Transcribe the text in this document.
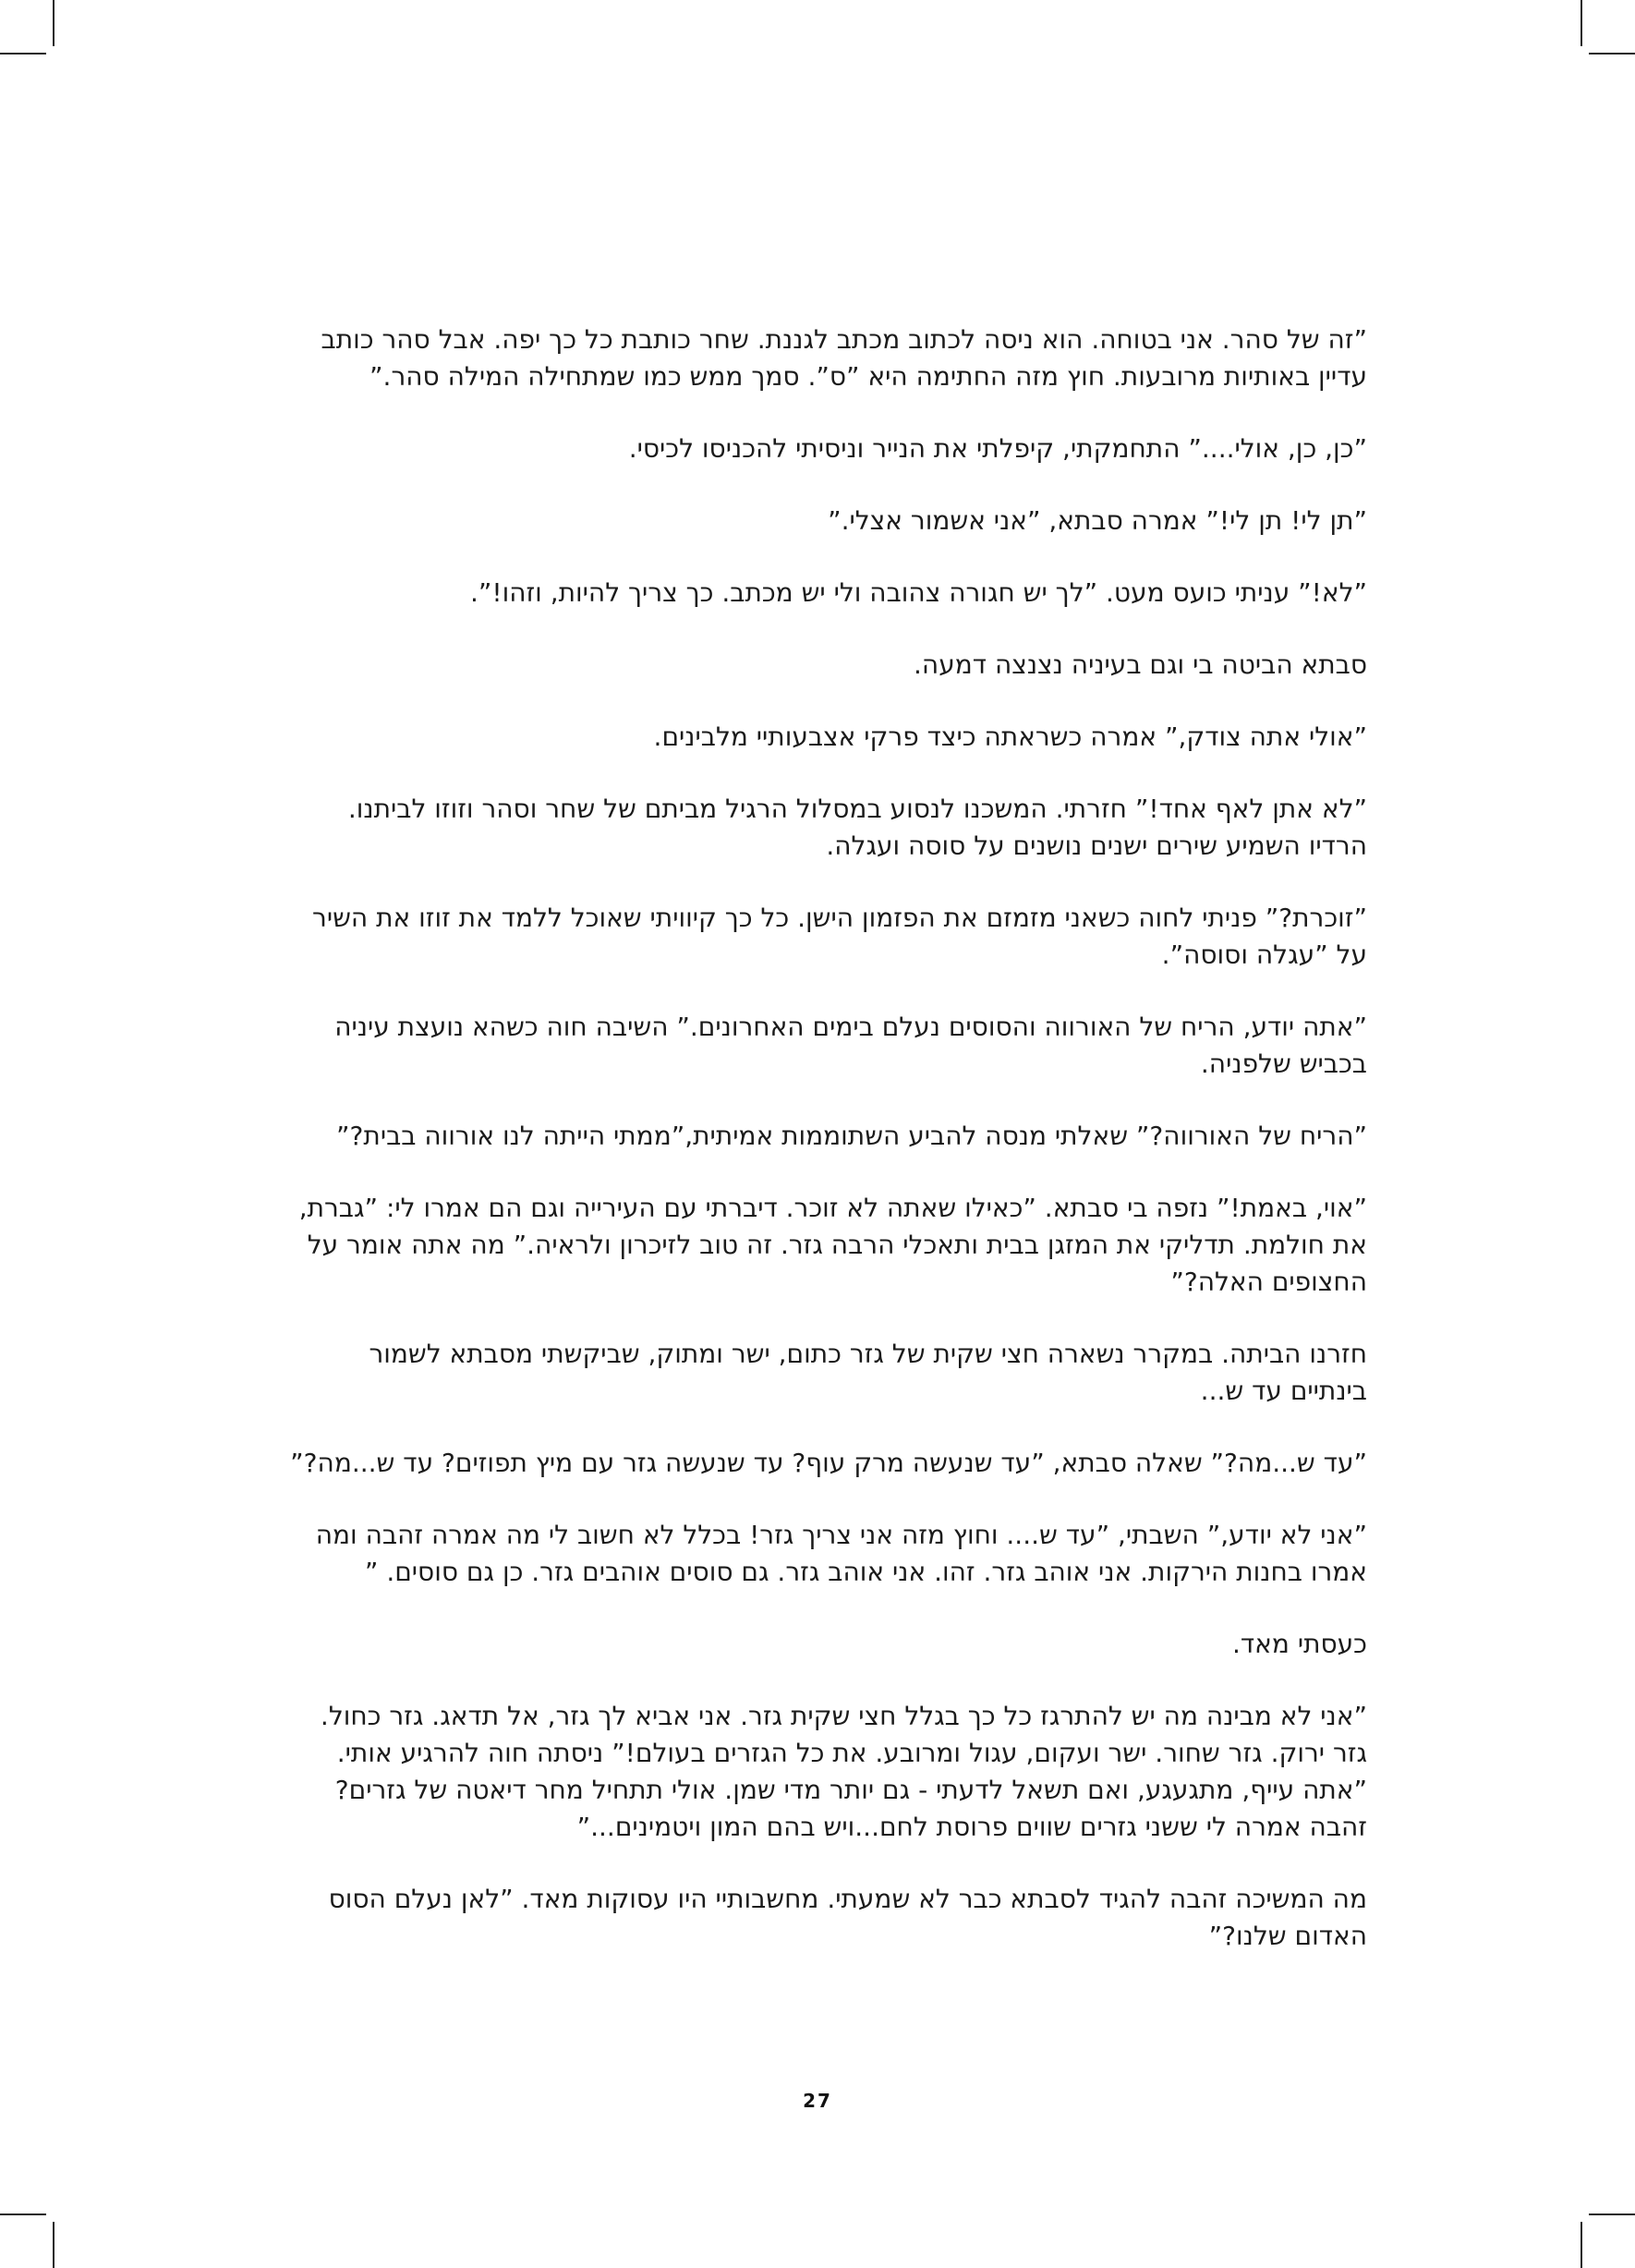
”זה של סהר. אני בטוחה. הוא ניסה לכתוב מכתב לגננת. שחר כותבת כל כך יפה. אבל סהר כותב עדיין באותיות מרובעות. חוץ מזה החתימה היא ”ס”. סמך ממש כמו שמתחילה המילה סהר.”

”כן, כן, אולי....” התחמקתי, קיפלתי את הנייר וניסיתי להכניסו לכיסי.

”תן לי! תן לי!” אמרה סבתא, ”אני אשמור אצלי.”

”לא!” עניתי כועס מעט. ”לך יש חגורה צהובה ולי יש מכתב. כך צריך להיות, וזהו!”.

סבתא הביטה בי וגם בעיניה נצנצה דמעה.

”אולי אתה צודק,” אמרה כשראתה כיצד פרקי אצבעותיי מלבינים.

”לא אתן לאף אחד!” חזרתי. המשכנו לנסוע במסלול הרגיל מביתם של שחר וסהר וזוזו לביתנו. הרדיו השמיע שירים ישנים נושנים על סוסה ועגלה.

”זוכרת?” פניתי לחוה כשאני מזמזם את הפזמון הישן. כל כך קיוויתי שאוכל ללמד את זוזו את השיר על ”עגלה וסוסה”.

”אתה יודע, הריח של האורווה והסוסים נעלם בימים האחרונים.” השיבה חוה כשהא נועצת עיניה בכביש שלפניה.

”הריח של האורווה?” שאלתי מנסה להביע השתוממות אמיתית,”ממתי הייתה לנו אורווה בבית?”

”אוי, באמת!” נזפה בי סבתא. ”כאילו שאתה לא זוכר. דיברתי עם העירייה וגם הם אמרו לי: ”גברת, את חולמת. תדליקי את המזגן בבית ותאכלי הרבה גזר. זה טוב לזיכרון ולראיה.” מה אתה אומר על החצופים האלה?”

חזרנו הביתה. במקרר נשארה חצי שקית של גזר כתום, ישר ומתוק, שביקשתי מסבתא לשמור בינתיים עד ש...

”עד ש...מה?” שאלה סבתא, ”עד שנעשה מרק עוף? עד שנעשה גזר עם מיץ תפוזים? עד ש...מה?”

”אני לא יודע,” השבתי, ”עד ש.... וחוץ מזה אני צריך גזר! בכלל לא חשוב לי מה אמרה זהבה ומה אמרו בחנות הירקות. אני אוהב גזר. זהו. אני אוהב גזר. גם סוסים אוהבים גזר. כן גם סוסים. ”

כעסתי מאד.

”אני לא מבינה מה יש להתרגז כל כך בגלל חצי שקית גזר. אני אביא לך גזר, אל תדאג. גזר כחול. גזר ירוק. גזר שחור. ישר ועקום, עגול ומרובע. את כל הגזרים בעולם!” ניסתה חוה להרגיע אותי. ”אתה עייף, מתגעגע, ואם תשאל לדעתי - גם יותר מדי שמן. אולי תתחיל מחר דיאטה של גזרים? זהבה אמרה לי ששני גזרים שווים פרוסת לחם...ויש בהם המון ויטמינים...”

מה המשיכה זהבה להגיד לסבתא כבר לא שמעתי. מחשבותיי היו עסוקות מאד. ”לאן נעלם הסוס האדום שלנו?”

27
